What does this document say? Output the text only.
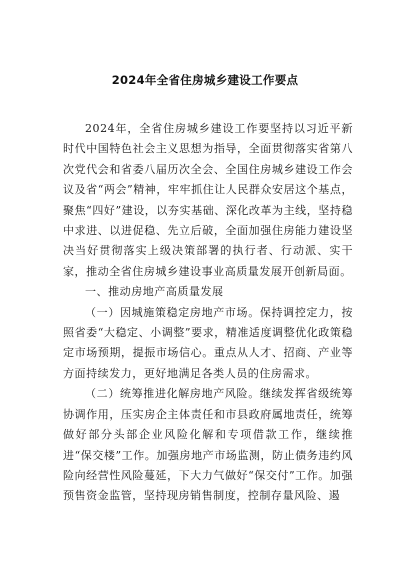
2024年全省住房城乡建设工作要点

2024年，全省住房城乡建设工作要坚持以习近平新时代中国特色社会主义思想为指导，全面贯彻落实省第八次党代会和省委八届历次全会、全国住房城乡建设工作会议及省“两会”精神，牢牢抓住让人民群众安居这个基点，聚焦“四好”建设，以夯实基础、深化改革为主线，坚持稳中求进、以进促稳、先立后破，全面加强住房能力建设坚决当好贯彻落实上级决策部署的执行者、行动派、实干家，推动全省住房城乡建设事业高质量发展开创新局面。

一、推动房地产高质量发展

（一）因城施策稳定房地产市场。保持调控定力，按照省委“大稳定、小调整”要求，精准适度调整优化政策稳定市场预期，提振市场信心。重点从人才、招商、产业等方面持续发力，更好地满足各类人员的住房需求。

（二）统筹推进化解房地产风险。继续发挥省级统筹协调作用，压实房企主体责任和市县政府属地责任，统筹做好部分头部企业风险化解和专项借款工作，继续推进“保交楼”工作。加强房地产市场监测，防止债务违约风险向经营性风险蔓延，下大力气做好“保交付”工作。加强预售资金监管，坚持现房销售制度，控制存量风险、遏
